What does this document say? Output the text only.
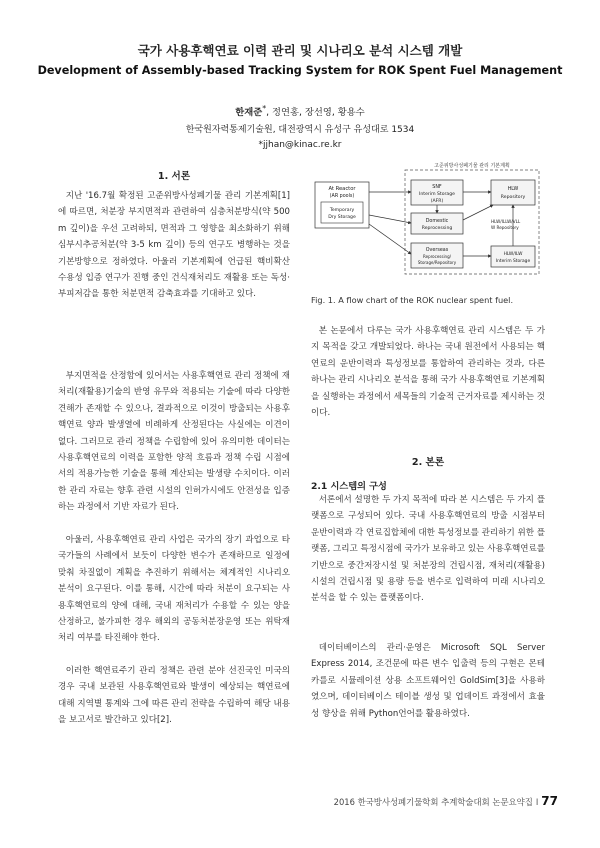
국가 사용후핵연료 이력 관리 및 시나리오 분석 시스템 개발
Development of Assembly-based Tracking System for ROK Spent Fuel Management
한재준*, 정연홍, 장선영, 황용수
한국원자력통제기술원, 대전광역시 유성구 유성대로 1534
*jjhan@kinac.re.kr
1. 서론
지난 '16.7월 확정된 고준위방사성폐기물 관리 기본계획[1]에 따르면, 처분장 부지면적과 관련하여 심층처분방식(약 500 m 깊이)을 우선 고려하되, 면적과 그 영향을 최소화하기 위해 심부시추공처분(약 3-5 km 깊이) 등의 연구도 병행하는 것을 기본방향으로 정하였다. 아울러 기본계획에 언급된 핵비확산 수용성 입증 연구가 진행 중인 건식재처리도 재활용 또는 독성·부피저감을 통한 처분면적 감축효과를 기대하고 있다.
부지면적을 산정함에 있어서는 사용후핵연료 관리 정책에 재처리(재활용)기술의 반영 유무와 적용되는 기술에 따라 다양한 견해가 존재할 수 있으나, 결과적으로 이것이 방출되는 사용후핵연료 양과 발생열에 비례하게 산정된다는 사실에는 이견이 없다. 그러므로 관리 정책을 수립함에 있어 유의미한 데이터는 사용후핵연료의 이력을 포함한 양적 흐름과 정책 수립 시점에서의 적용가능한 기술을 통해 계산되는 발생량 수치이다. 이러한 관리 자료는 향후 관련 시설의 인허가시에도 안전성을 입증하는 과정에서 기반 자료가 된다.
아울러, 사용후핵연료 관리 사업은 국가의 장기 과업으로 타 국가들의 사례에서 보듯이 다양한 변수가 존재하므로 일정에 맞춰 차질없이 계획을 추진하기 위해서는 체계적인 시나리오 분석이 요구된다. 이를 통해, 시간에 따라 처분이 요구되는 사용후핵연료의 양에 대해, 국내 재처리가 수용할 수 있는 양을 산정하고, 불가피한 경우 해외의 공동처분장운영 또는 위탁재처리 여부를 타진해야 한다.
이러한 핵연료주기 관리 정책은 관련 분야 선진국인 미국의 경우 국내 보관된 사용후핵연료와 발생이 예상되는 핵연료에 대해 지역별 통계와 그에 따른 관리 전략을 수립하여 해당 내용을 보고서로 발간하고 있다[2].
고준위방사성폐기물 관리 기본계획
At Reactor
(AR pools)
Temporary
Dry Storage
SNF
Interim Storage
(AFR)
HLW
Repository
Domestic
Reprocessing
HLW/ILLW/VLL
W Repository
Overseas
Reprocessing/
Storage/Repository
HLW/ILW
Interim Storage
Fig. 1. A flow chart of the ROK nuclear spent fuel.
본 논문에서 다루는 국가 사용후핵연료 관리 시스템은 두 가지 목적을 갖고 개발되었다. 하나는 국내 원전에서 사용되는 핵연료의 운반이력과 특성정보를 통합하여 관리하는 것과, 다른 하나는 관리 시나리오 분석을 통해 국가 사용후핵연료 기본계획을 실행하는 과정에서 세목들의 기술적 근거자료를 제시하는 것이다.
2. 본론
2.1 시스템의 구성
서론에서 설명한 두 가지 목적에 따라 본 시스템은 두 가지 플랫폼으로 구성되어 있다. 국내 사용후핵연료의 방출 시점부터 운반이력과 각 연료집합체에 대한 특성정보를 관리하기 위한 플랫폼, 그리고 특정시점에 국가가 보유하고 있는 사용후핵연료를 기반으로 중간저장시설 및 처분장의 건립시점, 재처리(재활용)시설의 건립시점 및 용량 등을 변수로 입력하여 미래 시나리오 분석을 할 수 있는 플랫폼이다.
데이터베이스의 관리·운영은 Microsoft SQL Server Express 2014, 조건문에 따른 변수 입출력 등의 구현은 몬테카를로 시뮬레이션 상용 소프트웨어인 GoldSim[3]을 사용하였으며, 데이터베이스 테이블 생성 및 업데이트 과정에서 효율성 향상을 위해 Python언어를 활용하였다.
2016 한국방사성폐기물학회 추계학술대회 논문요약집 I 77
